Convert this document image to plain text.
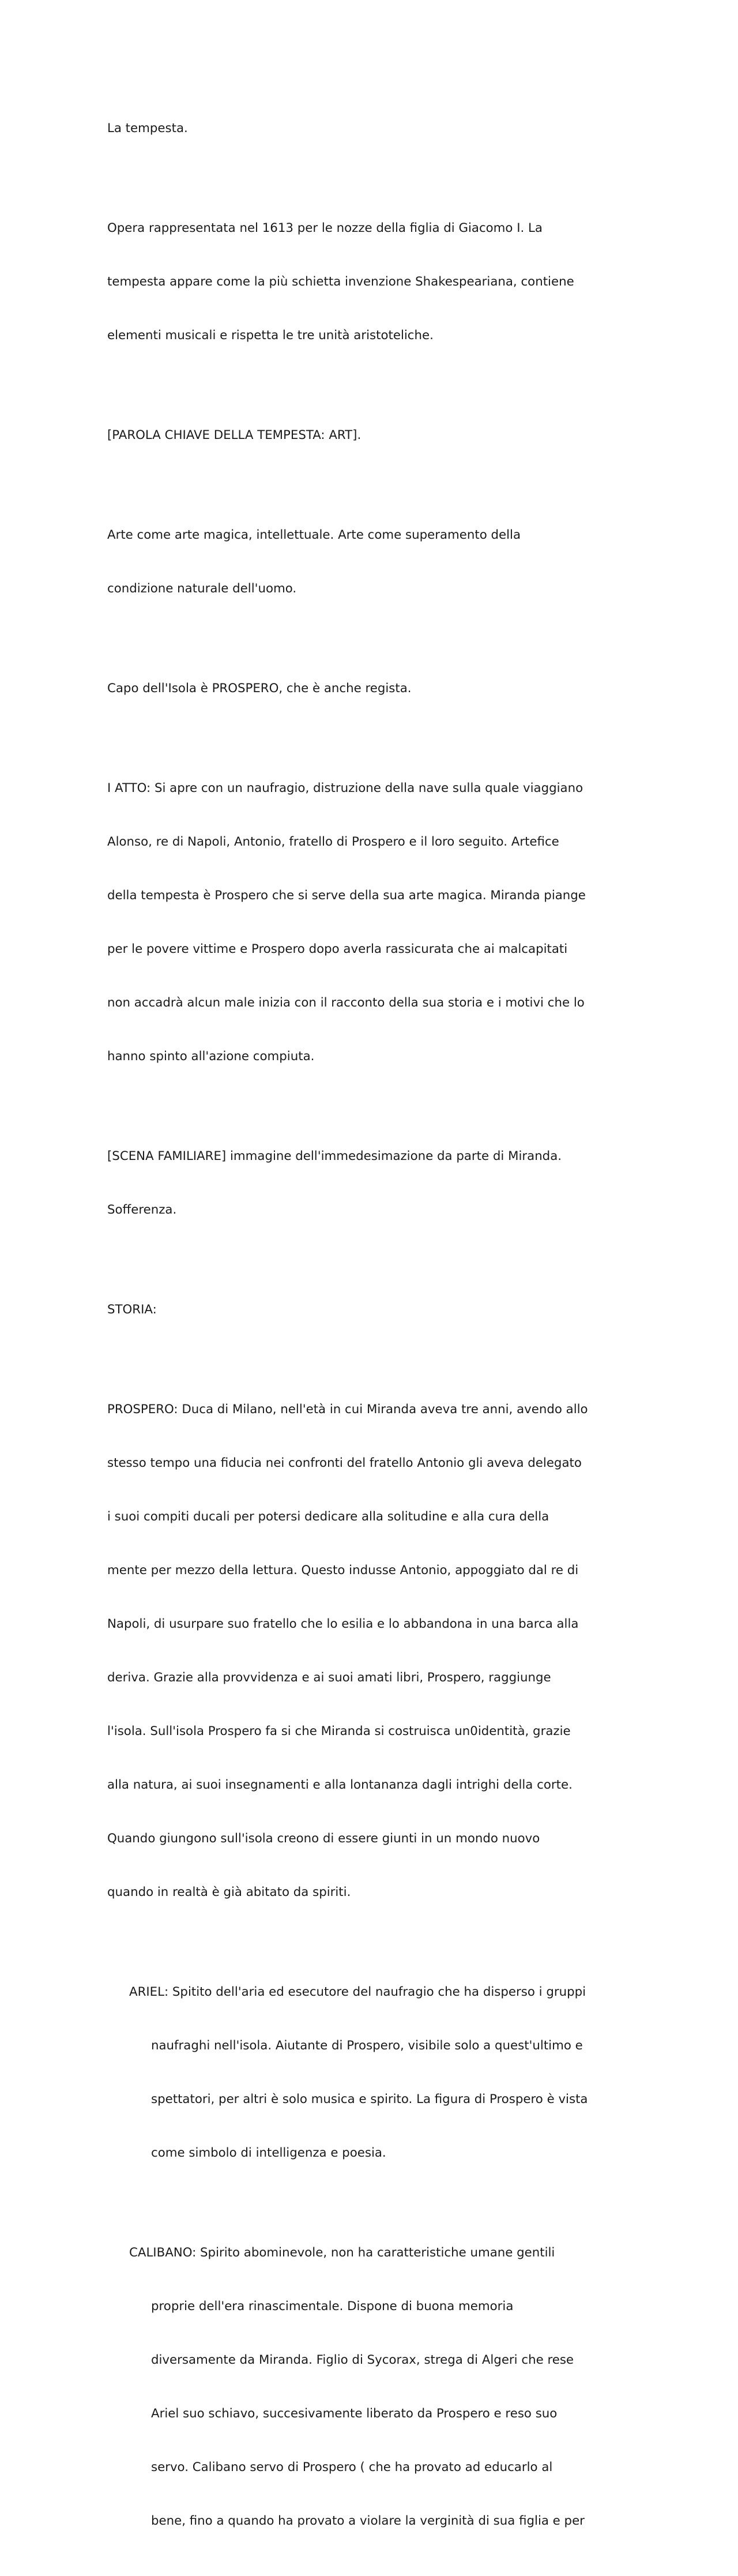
La tempesta.

Opera rappresentata nel 1613 per le nozze della figlia di Giacomo I. La

tempesta appare come la più schietta invenzione Shakespeariana, contiene

elementi musicali e rispetta le tre unità aristoteliche.

[PAROLA CHIAVE DELLA TEMPESTA: ART].

Arte come arte magica, intellettuale. Arte come superamento della

condizione naturale dell'uomo.

Capo dell'Isola è PROSPERO, che è anche regista.

I ATTO: Si apre con un naufragio, distruzione della nave sulla quale viaggiano

Alonso, re di Napoli, Antonio, fratello di Prospero e il loro seguito. Artefice

della tempesta è Prospero che si serve della sua arte magica. Miranda piange

per le povere vittime e Prospero dopo averla rassicurata che ai malcapitati

non accadrà alcun male inizia con il racconto della sua storia e i motivi che lo

hanno spinto all'azione compiuta.

[SCENA FAMILIARE] immagine dell'immedesimazione da parte di Miranda.

Sofferenza.

STORIA:

PROSPERO: Duca di Milano, nell'età in cui Miranda aveva tre anni, avendo allo

stesso tempo una fiducia nei confronti del fratello Antonio gli aveva delegato

i suoi compiti ducali per potersi dedicare alla solitudine e alla cura della

mente per mezzo della lettura. Questo indusse Antonio, appoggiato dal re di

Napoli, di usurpare suo fratello che lo esilia e lo abbandona in una barca alla

deriva. Grazie alla provvidenza e ai suoi amati libri, Prospero, raggiunge

l'isola. Sull'isola Prospero fa si che Miranda si costruisca un0identità, grazie

alla natura, ai suoi insegnamenti e alla lontananza dagli intrighi della corte.

Quando giungono sull'isola creono di essere giunti in un mondo nuovo

quando in realtà è già abitato da spiriti.

ARIEL: Spitito dell'aria ed esecutore del naufragio che ha disperso i gruppi

naufraghi nell'isola. Aiutante di Prospero, visibile solo a quest'ultimo e

spettatori, per altri è solo musica e spirito. La figura di Prospero è vista

come simbolo di intelligenza e poesia.

CALIBANO: Spirito abominevole, non ha caratteristiche umane gentili

proprie dell'era rinascimentale. Dispone di buona memoria

diversamente da Miranda. Figlio di Sycorax, strega di Algeri che rese

Ariel suo schiavo, succesivamente liberato da Prospero e reso suo

servo. Calibano servo di Prospero ( che ha provato ad educarlo al

bene, fino a quando ha provato a violare la verginità di sua figlia e per
